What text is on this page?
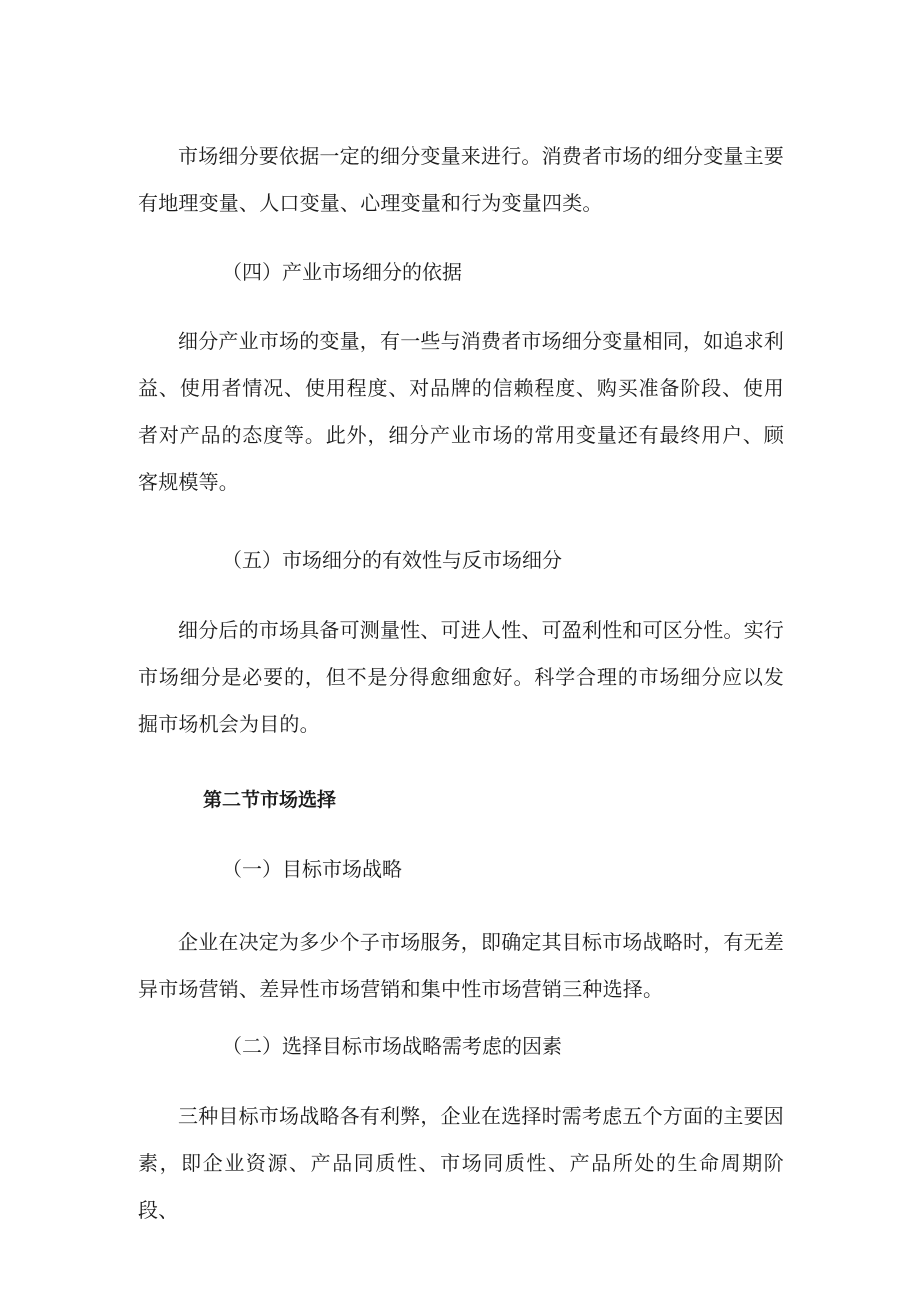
市场细分要依据一定的细分变量来进行。消费者市场的细分变量主要有地理变量、人口变量、心理变量和行为变量四类。

（四）产业市场细分的依据

细分产业市场的变量，有一些与消费者市场细分变量相同，如追求利益、使用者情况、使用程度、对品牌的信赖程度、购买准备阶段、使用者对产品的态度等。此外，细分产业市场的常用变量还有最终用户、顾客规模等。

（五）市场细分的有效性与反市场细分

细分后的市场具备可测量性、可进人性、可盈利性和可区分性。实行市场细分是必要的，但不是分得愈细愈好。科学合理的市场细分应以发掘市场机会为目的。

第二节市场选择

（一）目标市场战略

企业在决定为多少个子市场服务，即确定其目标市场战略时，有无差异市场营销、差异性市场营销和集中性市场营销三种选择。

（二）选择目标市场战略需考虑的因素

三种目标市场战略各有利弊，企业在选择时需考虑五个方面的主要因素，即企业资源、产品同质性、市场同质性、产品所处的生命周期阶段、
